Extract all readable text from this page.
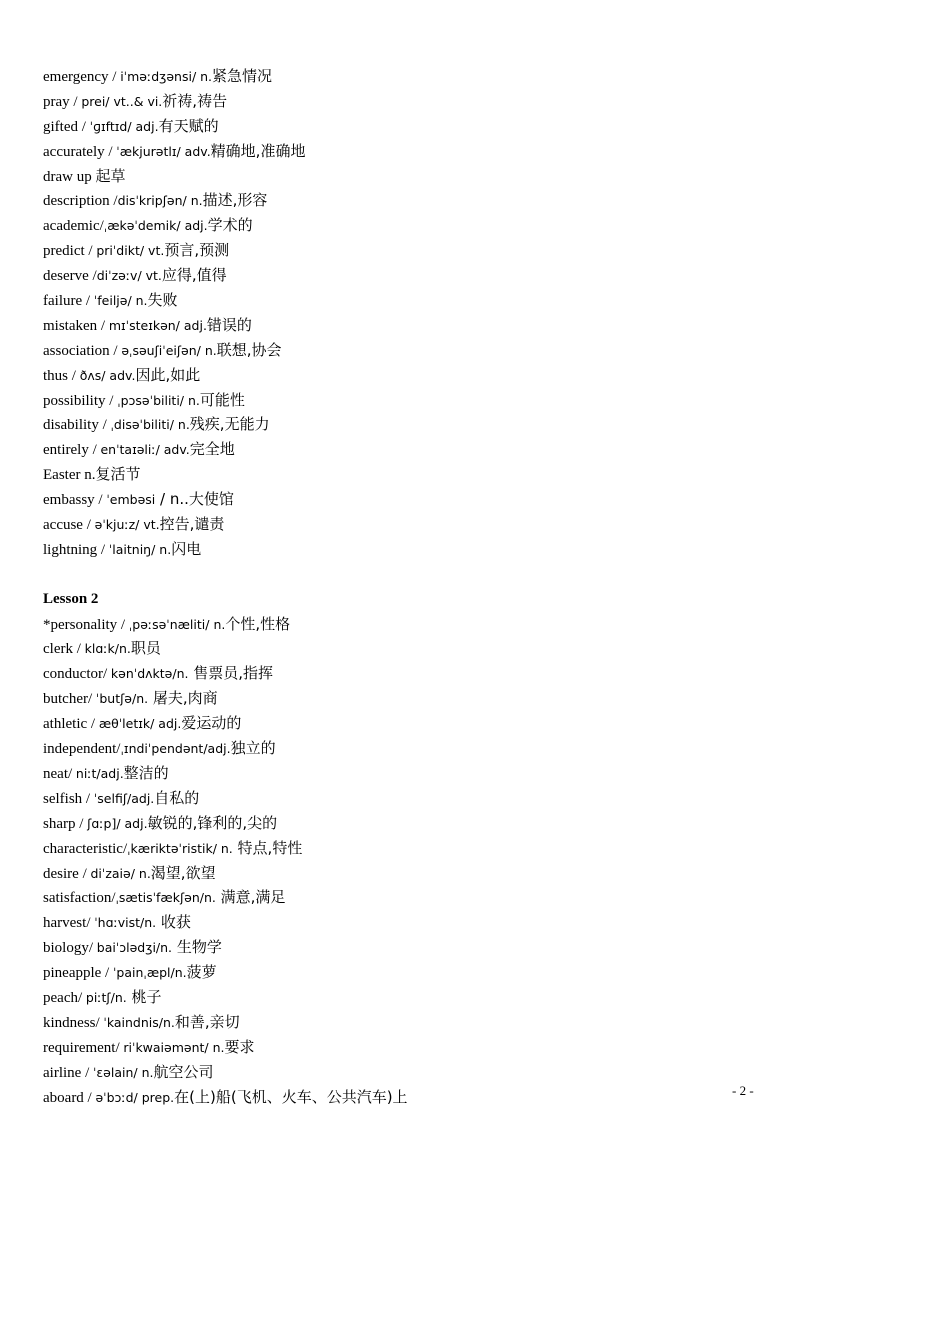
emergency / iˈməːdʒənsi/ n.紧急情况
pray / prei/ vt..& vi.祈祷,祷告
gifted / ˈɡɪftɪd/ adj.有天赋的
accurately / ˈækjurətlɪ/ adv.精确地,准确地
draw up 起草
description /disˈkripʃən/ n.描述,形容
academic/ˌækəˈdemik/ adj.学术的
predict / priˈdikt/ vt.预言,预测
deserve /diˈzəːv/ vt.应得,值得
failure / ˈfeiljə/ n.失败
mistaken / mɪˈsteɪkən/ adj.错误的
association / əˌsəuʃiˈeiʃən/ n.联想,协会
thus / ðʌs/ adv.因此,如此
possibility / ˌpɔsəˈbiliti/ n.可能性
disability / ˌdisəˈbiliti/ n.残疾,无能力
entirely / enˈtaɪəliː/ adv.完全地
Easter n.复活节
embassy / ˈembəsi / n..大使馆
accuse / əˈkjuːz/ vt.控告,谴责
lightning / ˈlaitniŋ/ n.闪电
Lesson 2
*personality / ˌpəːsəˈnæliti/ n.个性,性格
clerk / klɑːk/n.职员
conductor/ kənˈdʌktə/n. 售票员,指挥
butcher/ ˈbutʃə/n. 屠夫,肉商
athletic / æθˈletɪk/ adj.爱运动的
independent/ˌɪndiˈpendənt/adj.独立的
neat/ niːt/adj.整洁的
selfish / ˈselfiʃ/adj.自私的
sharp / ʃɑːp]/ adj.敏锐的,锋利的,尖的
characteristic/ˌkæriktəˈristik/ n. 特点,特性
desire / diˈzaiə/ n.渴望,欲望
satisfaction/ˌsætisˈfækʃən/n. 满意,满足
harvest/ ˈhɑːvist/n. 收获
biology/ baiˈɔlədʒi/n. 生物学
pineapple / ˈpainˌæpl/n.菠萝
peach/ piːtʃ/n. 桃子
kindness/ ˈkaindnis/n.和善,亲切
requirement/ riˈkwaiəmənt/ n.要求
airline / ˈɛəlain/ n.航空公司
aboard / əˈbɔːd/ prep.在(上)船(飞机、火车、公共汽车)上	- 2 -
